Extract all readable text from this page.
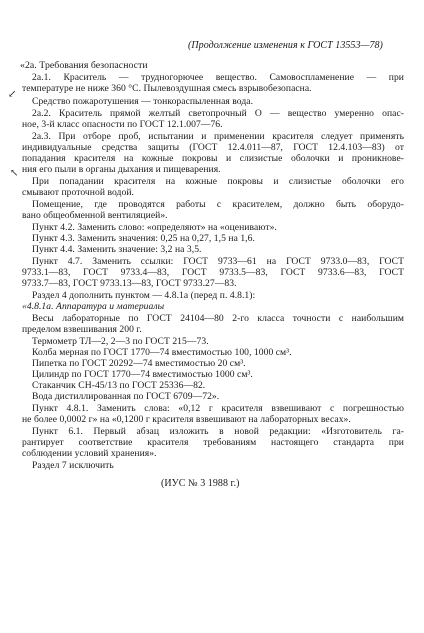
(Продолжение изменения к ГОСТ 13553—78)
«2а. Требования безопасности
2а.1. Краситель — трудногорючее вещество. Самовоспламенение — при
температуре не ниже 360 °С. Пылевоздушная смесь взрывобезопасна.
↙
Средство пожаротушения — тонкораспыленная вода.
2а.2. Краситель прямой желтый светопрочный О — вещество умеренно опас-
ное, 3-й класс опасности по ГОСТ 12.1.007—76.
2а.3. При отборе проб, испытании и применении красителя следует применять
индивидуальные средства защиты (ГОСТ 12.4.011—87, ГОСТ 12.4.103—83) от
попадания красителя на кожные покровы и слизистые оболочки и проникнове-
ния его пыли в органы дыхания и пищеварения.
↖
При попадании красителя на кожные покровы и слизистые оболочки его
смывают проточной водой.
Помещение, где проводятся работы с красителем, должно быть оборудо-
вано общеобменной вентиляцией».
Пункт 4.2. Заменить слово: «определяют» на «оценивают».
Пункт 4.3. Заменить значения: 0,25 на 0,27, 1,5 на 1,6.
Пункт 4.4. Заменить значение: 3,2 на 3,5.
Пункт 4.7. Заменить ссылки: ГОСТ 9733—61 на ГОСТ 9733.0—83, ГОСТ
9733.1—83, ГОСТ 9733.4—83, ГОСТ 9733.5—83, ГОСТ 9733.6—83, ГОСТ
9733.7—83, ГОСТ 9733.13—83, ГОСТ 9733.27—83.
Раздел 4 дополнить пунктом — 4.8.1а (перед п. 4.8.1):
«4.8.1а. Аппаратура и материалы
Весы лабораторные по ГОСТ 24104—80 2-го класса точности с наибольшим
пределом взвешивания 200 г.
Термометр ТЛ—2, 2—3 по ГОСТ 215—73.
Колба мерная по ГОСТ 1770—74 вместимостью 100, 1000 см³.
Пипетка по ГОСТ 20292—74 вместимостью 20 см³.
Цилиндр по ГОСТ 1770—74 вместимостью 1000 см³.
Стаканчик СН-45/13 по ГОСТ 25336—82.
Вода дистиллированная по ГОСТ 6709—72».
Пункт 4.8.1. Заменить слова: «0,12 г красителя взвешивают с погрешностью
не более 0,0002 г» на «0,1200 г красителя взвешивают на лабораторных весах».
Пункт 6.1. Первый абзац изложить в новой редакции: «Изготовитель га-
рантирует соответствие красителя требованиям настоящего стандарта при
соблюдении условий хранения».
Раздел 7 исключить
(ИУС № 3 1988 г.)
